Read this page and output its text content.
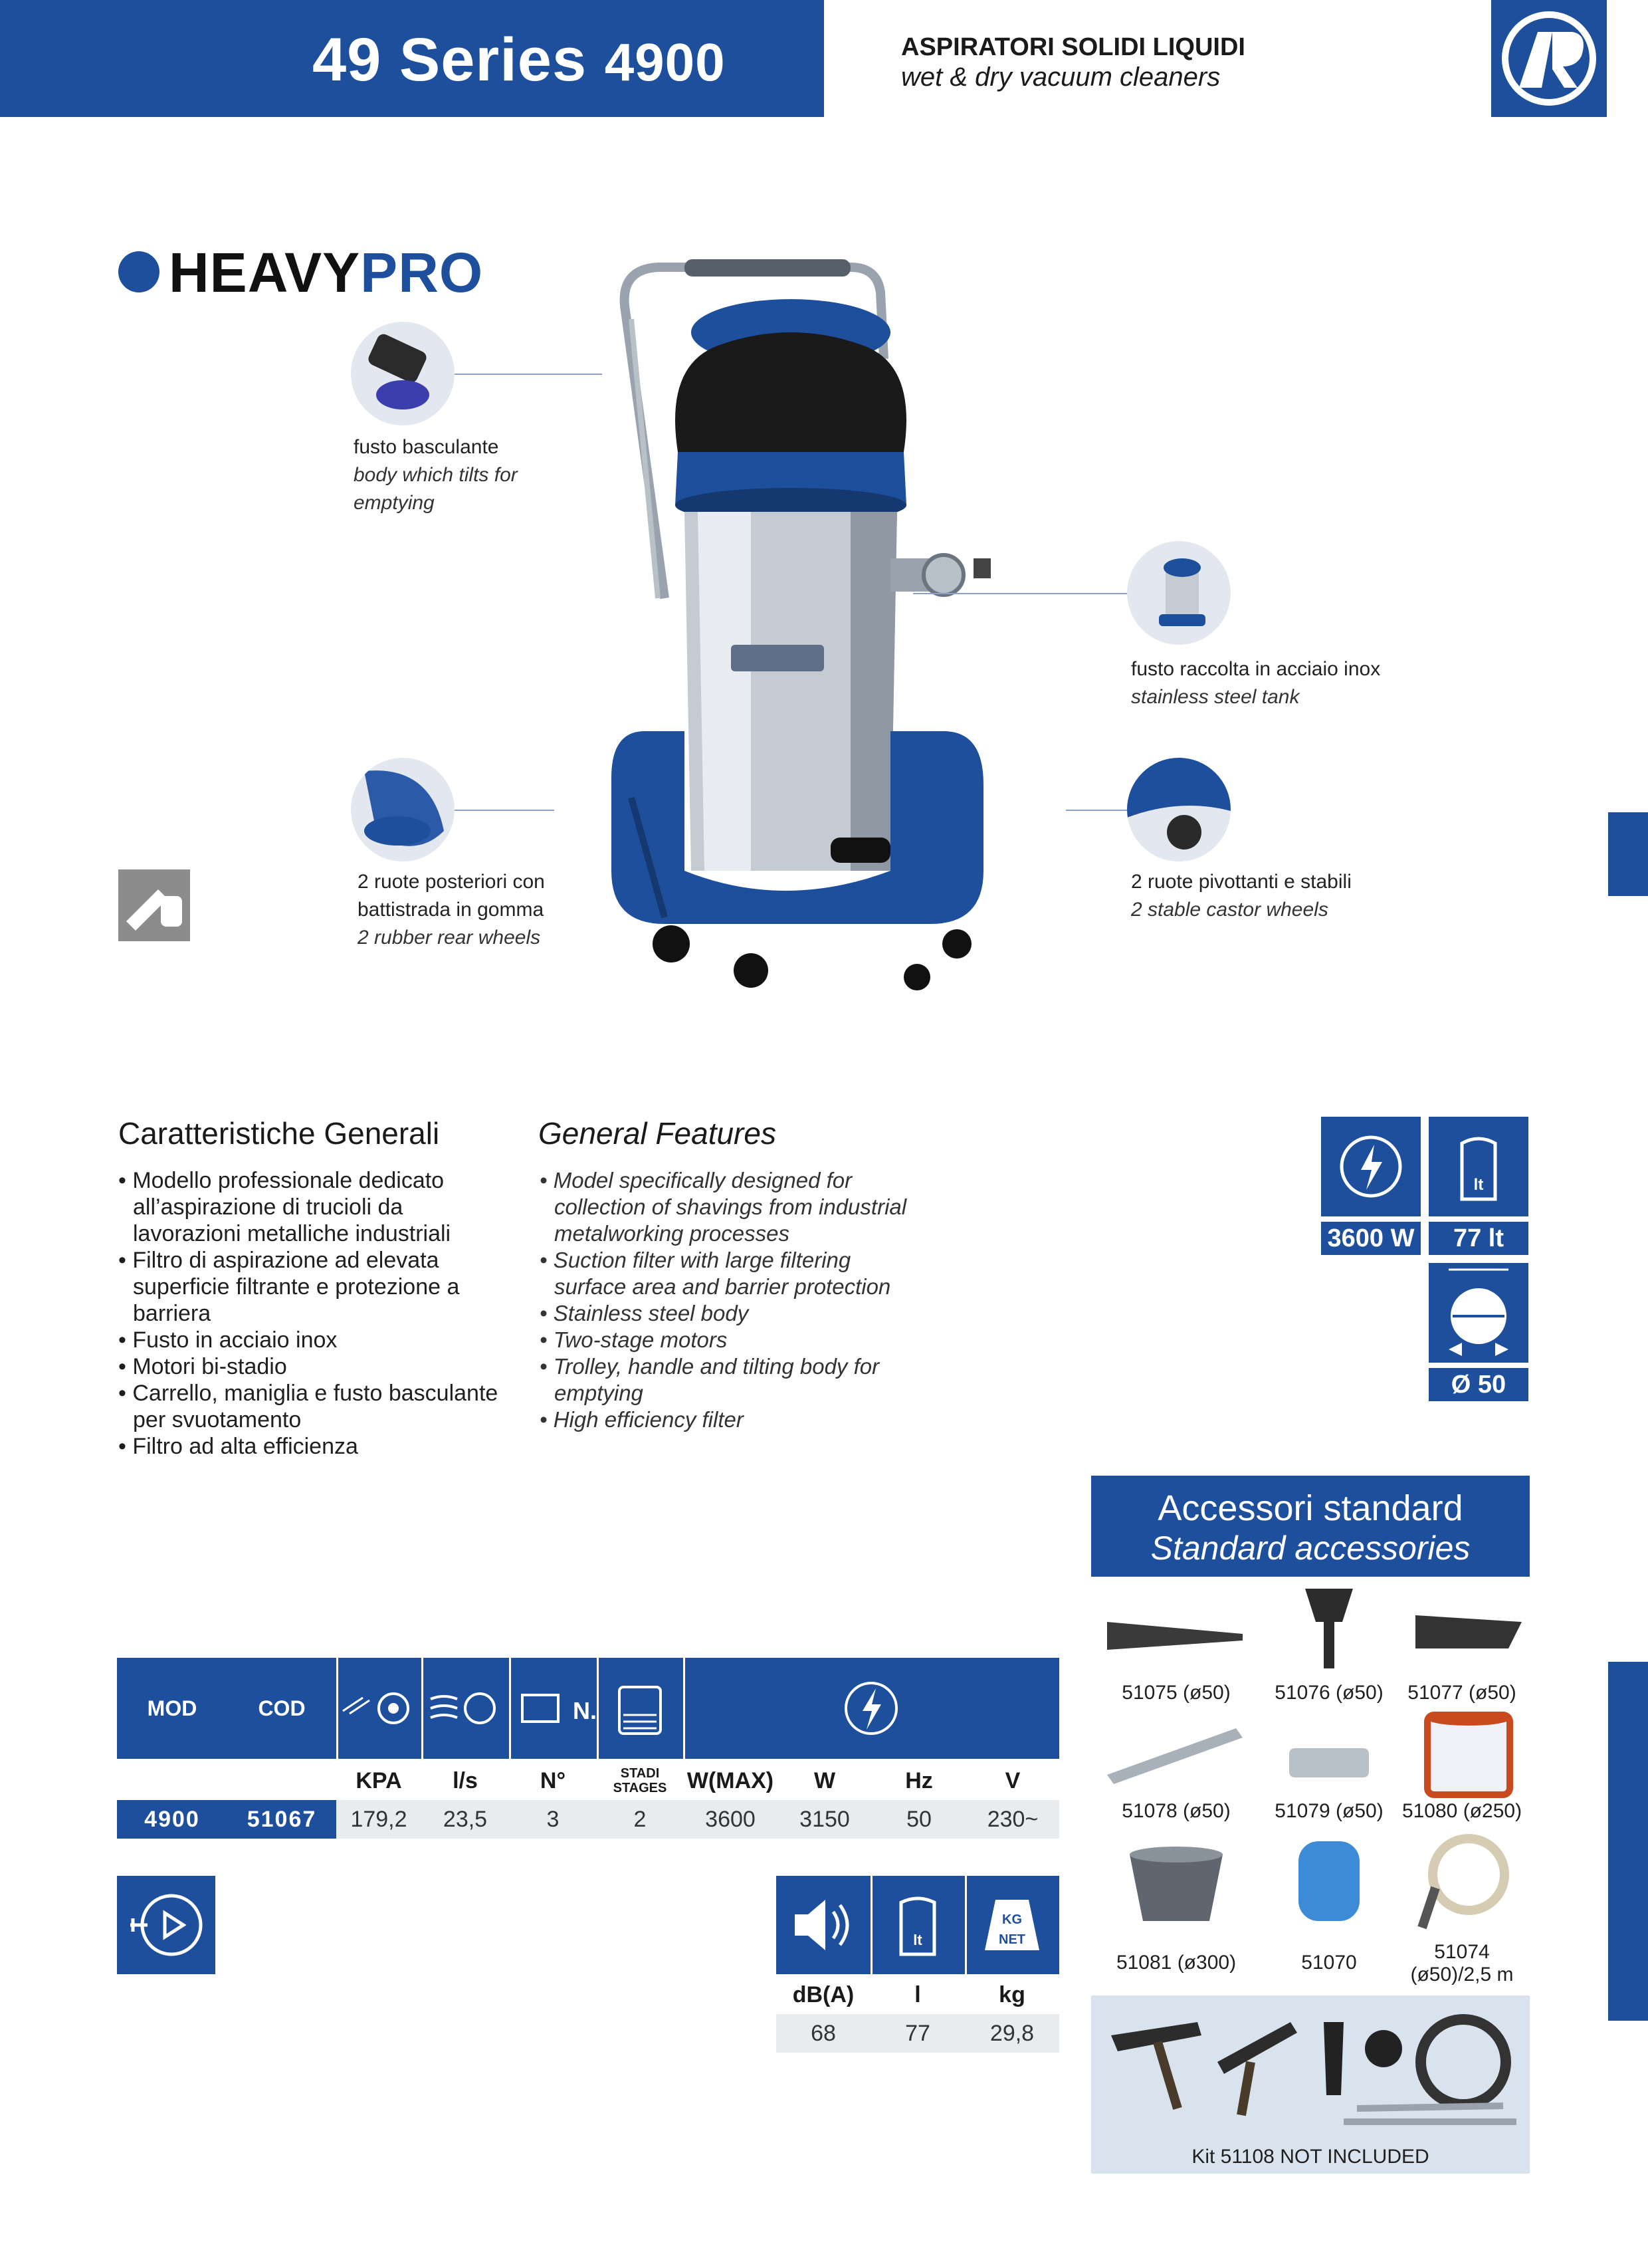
49 Series 4900	ASPIRATORI SOLIDI LIQUIDI
wet & dry vacuum cleaners
HEAVYPRO
fusto basculante
body which tilts for
emptying
fusto raccolta in acciaio inox
stainless steel tank
2 ruote posteriori con
battistrada in gomma
2 rubber rear wheels
2 ruote pivottanti e stabili
2 stable castor wheels
Caratteristiche Generali	General Features
• Modello professionale dedicato all’aspirazione di trucioli da lavorazioni metalliche industriali
• Filtro di aspirazione ad elevata superficie filtrante e protezione a barriera
• Fusto in acciaio inox
• Motori bi-stadio
• Carrello, maniglia e fusto basculante per svuotamento
• Filtro ad alta efficienza
• Model specifically designed for collection of shavings from industrial metalworking processes
• Suction filter with large filtering surface area and barrier protection
• Stainless steel body
• Two-stage motors
• Trolley, handle and tilting body for emptying
• High efficiency filter
3600 W
lt
77 lt
Ø 50
Accessori standard
Standard accessories
51075 (ø50)	51076 (ø50)	51077 (ø50)
51078 (ø50)	51079 (ø50) 51080 (ø250)
51081 (ø300)	51070	51074
(ø50)/2,5 m
Kit 51108 NOT INCLUDED
MOD	COD	N.
		KPA	l/s	N°	STADI
STAGES	W(MAX)	W	Hz	V
4900	51067	179,2	23,5	3	2	3600	3150	50	230~
lt
KG
NET
dB(A)	l	kg
68	77	29,8
